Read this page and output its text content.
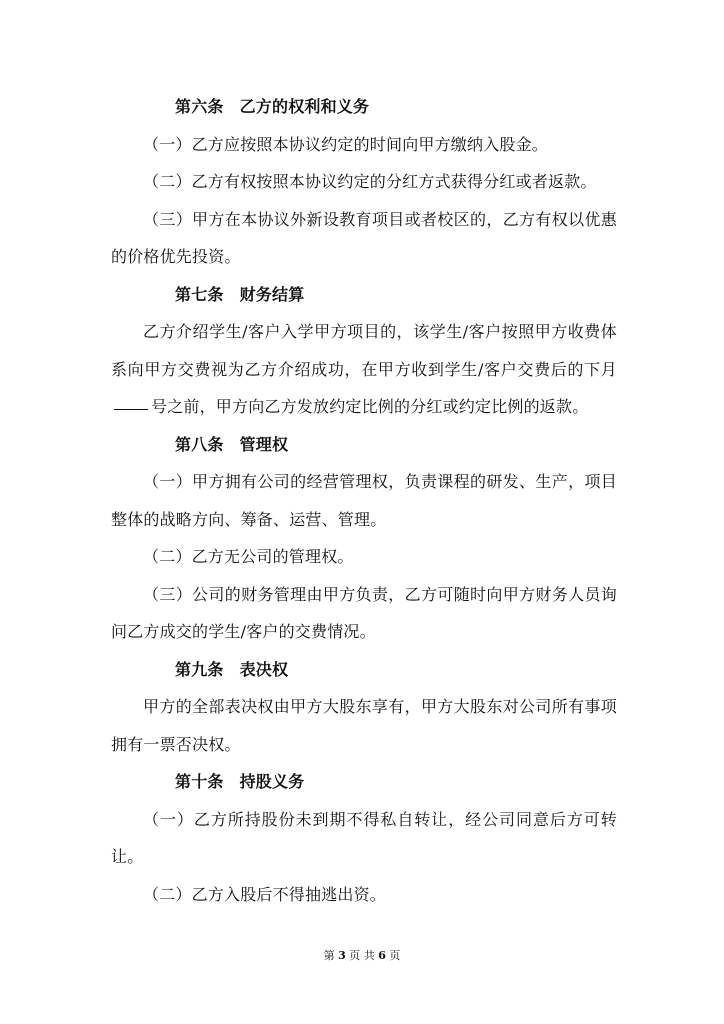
第六条 乙方的权利和义务

（一）乙方应按照本协议约定的时间向甲方缴纳入股金。

（二）乙方有权按照本协议约定的分红方式获得分红或者返款。

（三）甲方在本协议外新设教育项目或者校区的，乙方有权以优惠的价格优先投资。

第七条 财务结算

乙方介绍学生/客户入学甲方项目的，该学生/客户按照甲方收费体系向甲方交费视为乙方介绍成功，在甲方收到学生/客户交费后的下月号之前，甲方向乙方发放约定比例的分红或约定比例的返款。

第八条 管理权

（一）甲方拥有公司的经营管理权，负责课程的研发、生产，项目整体的战略方向、筹备、运营、管理。

（二）乙方无公司的管理权。

（三）公司的财务管理由甲方负责，乙方可随时向甲方财务人员询问乙方成交的学生/客户的交费情况。

第九条 表决权

甲方的全部表决权由甲方大股东享有，甲方大股东对公司所有事项拥有一票否决权。

第十条 持股义务

（一）乙方所持股份未到期不得私自转让，经公司同意后方可转让。

（二）乙方入股后不得抽逃出资。

第 3 页 共 6 页
